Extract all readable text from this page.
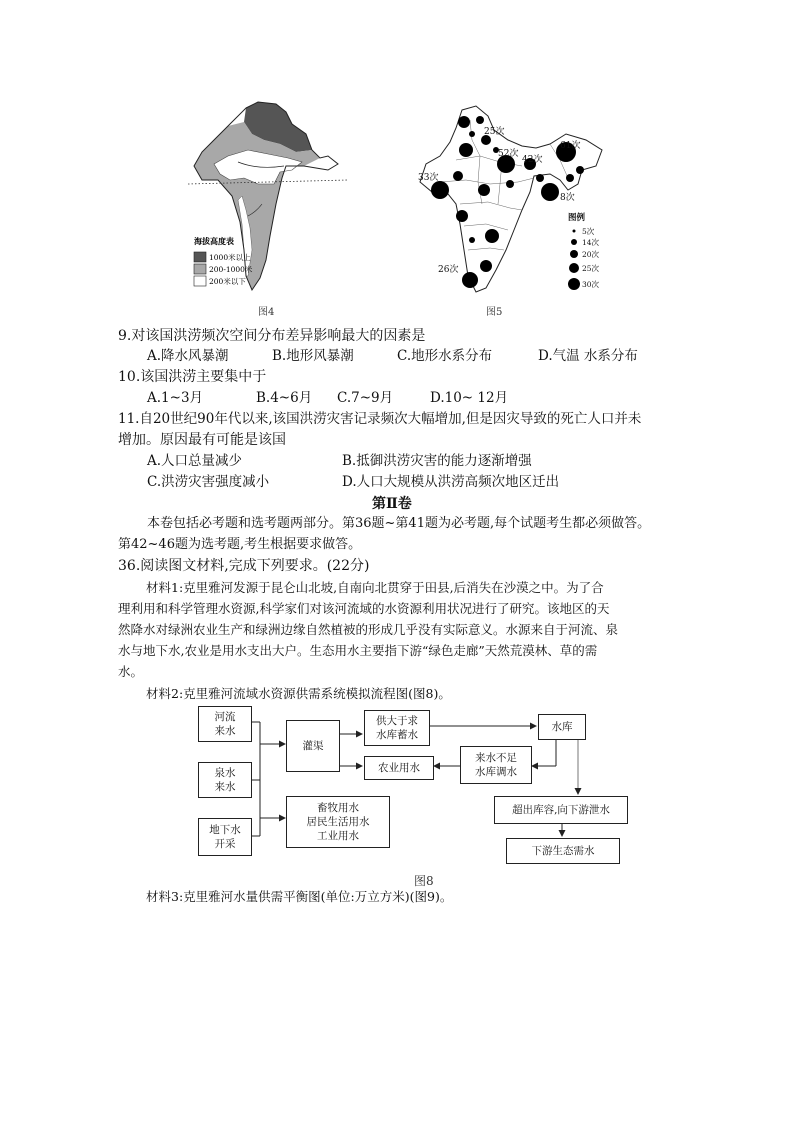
海拔高度表
1000米以上
200-1000米
200米以下
图4
25次
52次
42次
61次
33次
8次
26次
图例
5次
14次
20次
25次
30次
图5
9.对该国洪涝频次空间分布差异影响最大的因素是
A.降水风暴潮	B.地形风暴潮	C.地形水系分布	D.气温 水系分布
10.该国洪涝主要集中于
A.1~3月	B.4~6月 C.7~9月	D.10~ 12月
11.自20世纪90年代以来,该国洪涝灾害记录频次大幅增加,但是因灾导致的死亡人口并未
增加。原因最有可能是该国
A.人口总量减少	B.抵御洪涝灾害的能力逐渐增强
C.洪涝灾害强度减小	D.人口大规模从洪涝高频次地区迁出
第Ⅱ卷
本卷包括必考题和选考题两部分。第36题~第41题为必考题,每个试题考生都必须做答。
第42~46题为选考题,考生根据要求做答。
36.阅读图文材料,完成下列要求。(22分)
材料1:克里雅河发源于昆仑山北坡,自南向北贯穿于田县,后消失在沙漠之中。为了合
理利用和科学管理水资源,科学家们对该河流域的水资源利用状况进行了研究。该地区的天
然降水对绿洲农业生产和绿洲边缘自然植被的形成几乎没有实际意义。水源来自于河流、泉
水与地下水,农业是用水支出大户。生态用水主要指下游“绿色走廊”天然荒漠林、草的需
水。
材料2:克里雅河流域水资源供需系统模拟流程图(图8)。
河流
来水
泉水
来水
地下水
开采
灌渠
供大于求
水库蓄水
水库
农业用水
来水不足
水库调水
畜牧用水
居民生活用水
工业用水
超出库容,向下游泄水
下游生态需水
图8
材料3:克里雅河水量供需平衡图(单位:万立方米)(图9)。
